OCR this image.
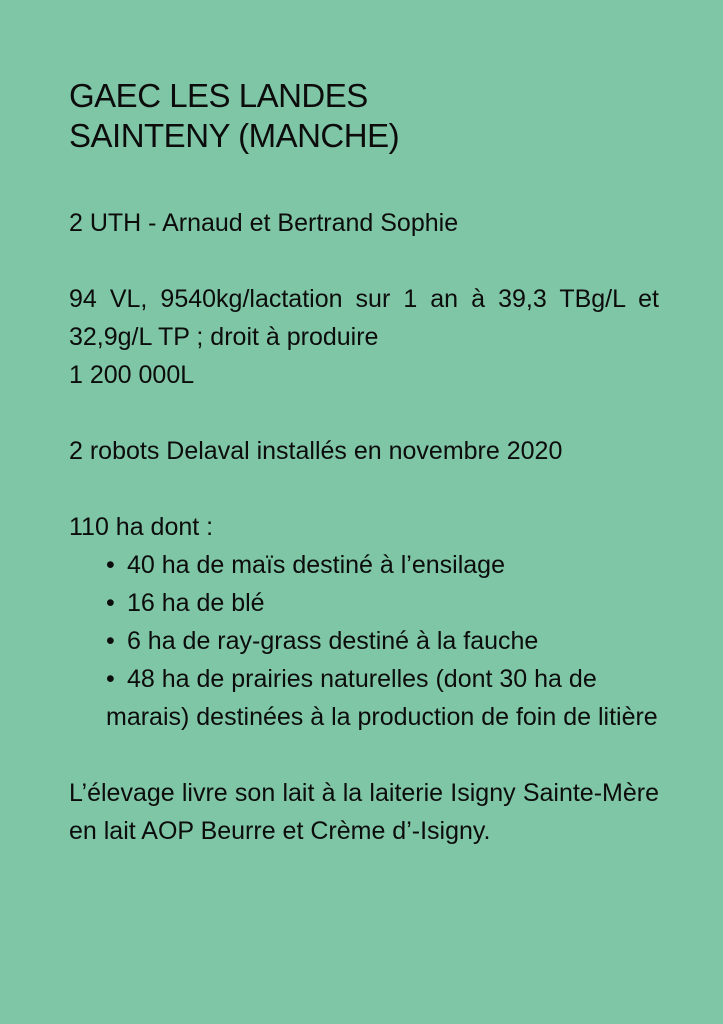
GAEC LES LANDES
SAINTENY (MANCHE)

2 UTH - Arnaud et Bertrand Sophie

94 VL, 9540kg/lactation sur 1 an à 39,3 TBg/L et 32,9g/L TP ; droit à produire
1 200 000L

2 robots Delaval installés en novembre 2020

110 ha dont :

• 40 ha de maïs destiné à l’ensilage
• 16 ha de blé
• 6 ha de ray-grass destiné à la fauche
• 48 ha de prairies naturelles (dont 30 ha de marais) destinées à la production de foin de litière

L’élevage livre son lait à la laiterie Isigny Sainte-Mère en lait AOP Beurre et Crème d’-Isigny.
